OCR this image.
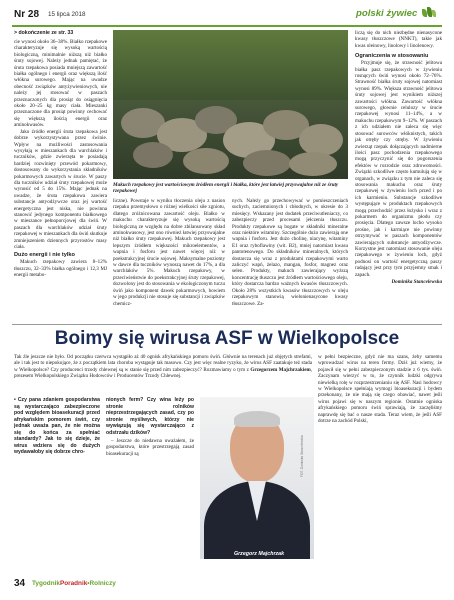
Nr 28 15 lipca 2018	polski żywiec

> dokończenie ze str. 33

cie wynosi około 36–38%. Białko rzepakowe charakteryzuje się wysoką wartością biologiczną, minimalnie niższą niż białko śruty sojowej. Należy jednak pamiętać, że śruta rzepakowa posiada mniejszą zawartość białka ogólnego i energii oraz większą ilość włókna surowego. Mając na uwadze obecność związków antyżywieniowych, nie należy jej stosować w paszach przeznaczonych dla prosiąt do osiągnięcia około 20–25 kg masy ciała. Mieszanki przeznaczone dla prosiąt powinny cechować się większą ilością energii oraz aminokwasów.

Jako źródło energii śruta rzepakowa jest dobrze wykorzystywana przez świnie. Wpływ na możliwości zastosowania wysyłają w mieszankach dla warchlaków i tuczników, gdzie zwierzęta te posiadają bardziej rozwinięty przewód pokarmowy, dostosowany do wykorzystania składników pokarmowych zawartych w śrucie. W paszy dla tuczników udział śruty rzepakowej może wynosić od 5 do 15%. Mając jednak na uwadze, że śruta rzepakowa zawiera substancje antyodżywcze oraz jej wartość energetyczna jest niska, nie powinna stanowić jedynego komponentu białkowego w mieszance pełnoporcjowej dla świń. W paszach dla warchlaków udział śruty rzepakowej w mieszankach dla świń skutkuje zmniejszeniem dziennych przyrostów masy ciała.

Dużo energii i nie tylko

Makuch rzepakowy zawiera 8–12% tłuszczu, 32–33% białka ogólnego i 12,3 MJ energii metabo-

Makuch rzepakowy jest wartościowym źródłem energii i białka, które jest łatwiej przyswajalne niż ze śruty rzepakowej

liczne). Powstaje w wyniku tłoczenia oleju z nasion rzepaku przemysłowo o różnej wielkości siłe zgniotu, dlatego zróżnicowana zawartość oleju. Białko w makuchu charakteryzuje się wysoką wartością biologiczną ze względu na dobre zbilansowany skład aminokwasowy, jest ono również łatwiej przyswajalne niż białko śruty rzepakowej. Makuch rzepakowy jest lepszym źródłem większości mikroelementów, a wapnia i fosforu jest nawet więcej niż w poekstrakcyjnej śrucie sojowej. Maksymalne poziomy w dawce dla tuczników wynoszą nawet do 17%, a dla warchlaków 5%. Makuch rzepakowy, w przeciwieństwie do poekstrakcyjnej śruty rzepakowej, dozwolony jest do stosowania w ekologiczonym tuczu świń jako komponent dawek pokarmowych, bowiem w jego produkcji nie stosuje się substancji i związków chemicz-

nych. Należy go przechowywać w pomieszczeniach suchych, zaciemnionych i chłodnych, w okresie do 3 miesięcy. Wskazany jest dodatek przeciwutleniaczy, co zabezpieczy przed procesami jełczenia tłuszczu. Produkty rzepakowe są bogate w składniki mineralne oraz niektóre witaminy. Szczególnie dużo zawierają one wapnia i fosforu. Jest dużo cholinę, niacynę, witaminy E1 oraz ryboflawiny (wit. B2), mniej natomiast kwasu pantotenowego. Do składników mineralnych, których dostarcza się wraz z produktami rzepakowymi warto zaliczyć wapń, żelazo, mangan, fosfor, magnez oraz selen. Produkty, makuch zawierający wyższą koncentrację tłuszczu jest źródłem wartościowego oleju, który dostarcza bardzo ważnych kwasów tłuszczowych. Około 28% wszystkich kwasów tłuszczowych w oleju rzepakowym stanowią wielonienasycone kwasy tłuszczowe. Za-

liczą się do nich niezbędne nienasycone kwasy tłuszczowe (NNKT), takie jak kwas oleinowy, linolowy i linolenowy.

Ograniczenia w stosowaniu

Przyjmuje się, że strawność jelitowa białka pasz rzepakowych w żywieniu rosnących świń wynosi około 72–76%. Strawność białka śruty sojowej natomiast wynosi 89%. Większa strawność jelitowa śruty sojowej jest wynikiem niższej zawartości włókna. Zawartość włókna surowego, głownie celulozy w śrucie rzepakowej wynosi 11–14%, a w makuchu rzepakowym 9–12%. W paszach z ich udziałem nie zaleca się więc stosować surowców włóknistych, takich jak otręby czy otręby. W żywieniu zwierząt rzepak dołączających nadmierne ilości pasz pochodzenia rzepakowego mogą przyczynić się do pogorszenia efektów w rozrodzie oraz zdrowotności. Związki szkodliwe często kumulują się w organach, w związku z tym nie zaleca się stosowania makuchu oraz śruty rzepakowej w żywieniu loch przed i po ich karmieniu. Substancje szkodliwe występujące w produktach rzepakowych mogą przechodzić przez łożysko i wraz z pokarmem do organizmu płodu czy prosięcia. Dlatego zawsze locho wysoko prośne, jak i karmiące nie powinny otrzymywać w paszach komponentów zawierających substancje antyodżywcze. Korzystne jest natomiast stosowanie oleju rzepakowego w żywieniu loch, gdyż podnosi on wartość energetyczną paszy radający jest przy tym przyjemny smak i zapach.

Dominika Stancelewska

Boimy się wirusa ASF w Wielkopolsce

Tak źle jeszcze nie było. Od początku czerwca wystąpiło aż 40 ognisk afrykańskiego pomoru świń. Głównie na terenach już objętych strefami, ale i tak jest to niepokojące, że z początkiem lata choroba wystąpuje tak masowo. Czy jest więc realne ryzyko, że wirus ASF zaatakuje też stada w Wielkopolsce? Czy producenci trzody chlewnej są w stanie się przed nim zabezpieczyć? Rozmawiamy o tym z Grzegorzem Majchrzakiem, prezesem Wielkopolskiego Związku Hodowców i Producentów Trzody Chlewnej.

• Czy pana zdaniem gospodarstwa są wystarczająco zabezpieczone pod względem bioasekuracji przed afrykańskim pomorem świń, czy jednak uważa pan, że nie można się do końca za spełniać standardy? Jak to się dzieje, że wirus wdziera się do dużych wydawałoby się dobrze chro-

nionych ferm? Czy wina leży po stronie rolników nieprzestrzegających zasad, czy po stronie myśliwych, którzy nie wywiązują się wystarczająco z odstrzału dzików?

– Jeszcze do niedawna uważałem, że gospodarstwa, które przestrzegają zasad bioasekuracji są	FOT. Dominika Stancelewska
Grzegorz Majchrzak

w pełni bezpieczne, gdyż nie ma szans, żeby samemu wprowadzać wirus na teren fermy. Dziś już wiemy, że pojawił się w pełni zabezpieczonym stadzie z 6 tys. świń. Zaczynam wierzyć w to, że czynnik ludzki odgrywa niewielką rolę w rozprzestrzenianiu się ASF. Nasi hodowcy w Wielkopolsce spełniają wymogi bioasekuracji i bydem przekonany, że nie mają się czego obawiać, nawet jeśli wirus pojawi się w naszym regionie. Ostatnie ogniska afrykańskiego pomoru świń sprawiają, że zaczęliśmy naprawdę się bać o nasze stada. Teraz wiem, że jeśli ASF dotrze na zachód Polski,

34 TygodnikPoradnik•Rolniczy
